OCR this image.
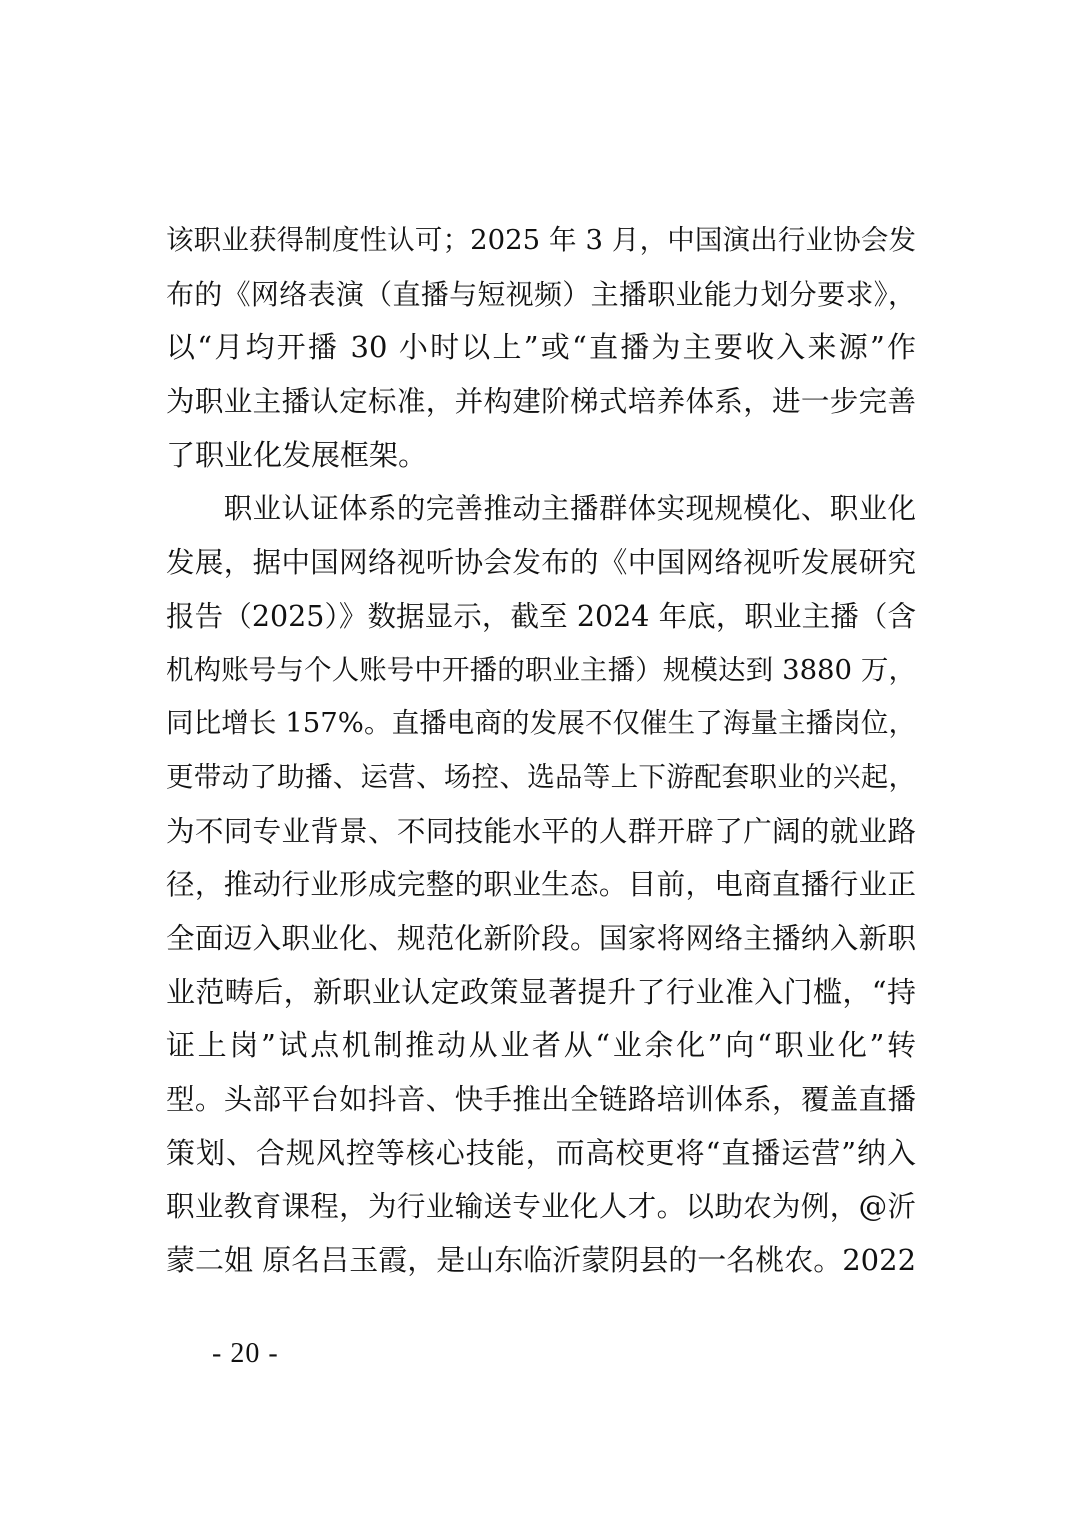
该职业获得制度性认可；2025 年 3 月，中国演出行业协会发
布的《网络表演（直播与短视频）主播职业能力划分要求》，
以“月均开播 30 小时以上”或“直播为主要收入来源”作
为职业主播认定标准，并构建阶梯式培养体系，进一步完善
了职业化发展框架。
　　职业认证体系的完善推动主播群体实现规模化、职业化
发展，据中国网络视听协会发布的《中国网络视听发展研究
报告（2025）》数据显示，截至 2024 年底，职业主播（含
机构账号与个人账号中开播的职业主播）规模达到 3880 万，
同比增长 157%。直播电商的发展不仅催生了海量主播岗位，
更带动了助播、运营、场控、选品等上下游配套职业的兴起，
为不同专业背景、不同技能水平的人群开辟了广阔的就业路
径，推动行业形成完整的职业生态。目前，电商直播行业正
全面迈入职业化、规范化新阶段。国家将网络主播纳入新职
业范畴后，新职业认定政策显著提升了行业准入门槛，“持
证上岗”试点机制推动从业者从“业余化”向“职业化”转
型。头部平台如抖音、快手推出全链路培训体系，覆盖直播
策划、合规风控等核心技能，而高校更将“直播运营”纳入
职业教育课程，为行业输送专业化人才。以助农为例，@沂
蒙二姐 原名吕玉霞，是山东临沂蒙阴县的一名桃农。2022
- 20 -
